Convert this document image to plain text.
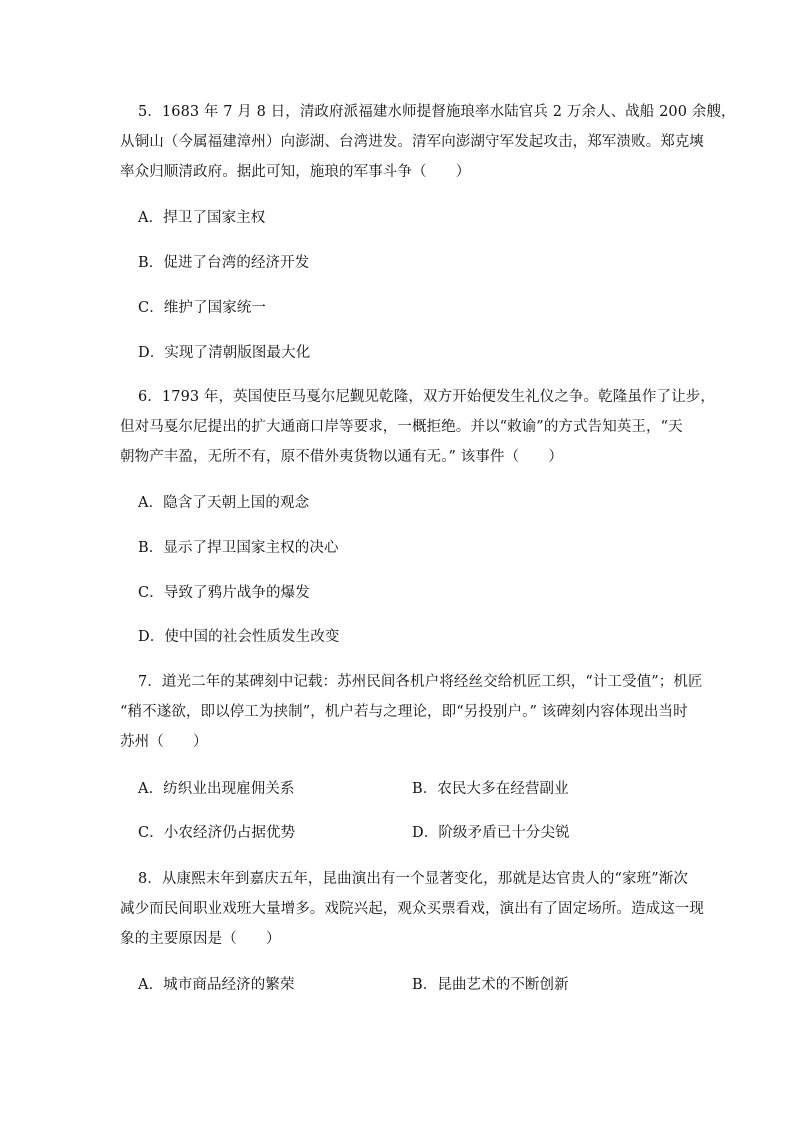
5．1683 年 7 月 8 日，清政府派福建水师提督施琅率水陆官兵 2 万余人、战船 200 余艘，
从铜山（今属福建漳州）向澎湖、台湾进发。清军向澎湖守军发起攻击，郑军溃败。郑克塽
率众归顺清政府。据此可知，施琅的军事斗争（　　）
A．捍卫了国家主权
B．促进了台湾的经济开发
C．维护了国家统一
D．实现了清朝版图最大化
6．1793 年，英国使臣马戛尔尼觐见乾隆，双方开始便发生礼仪之争。乾隆虽作了让步，
但对马戛尔尼提出的扩大通商口岸等要求，一概拒绝。并以“敕谕”的方式告知英王，“天
朝物产丰盈，无所不有，原不借外夷货物以通有无。” 该事件（　　）
A．隐含了天朝上国的观念
B．显示了捍卫国家主权的决心
C．导致了鸦片战争的爆发
D．使中国的社会性质发生改变
7．道光二年的某碑刻中记载：苏州民间各机户将经丝交给机匠工织，“计工受值”；机匠
“稍不遂欲，即以停工为挟制”，机户若与之理论，即“另投别户。” 该碑刻内容体现出当时
苏州（　　）
A．纺织业出现雇佣关系	B．农民大多在经营副业
C．小农经济仍占据优势	D．阶级矛盾已十分尖锐
8．从康熙末年到嘉庆五年，昆曲演出有一个显著变化，那就是达官贵人的“家班”渐次
减少而民间职业戏班大量增多。戏院兴起，观众买票看戏，演出有了固定场所。造成这一现
象的主要原因是（　　）
A．城市商品经济的繁荣	B．昆曲艺术的不断创新
